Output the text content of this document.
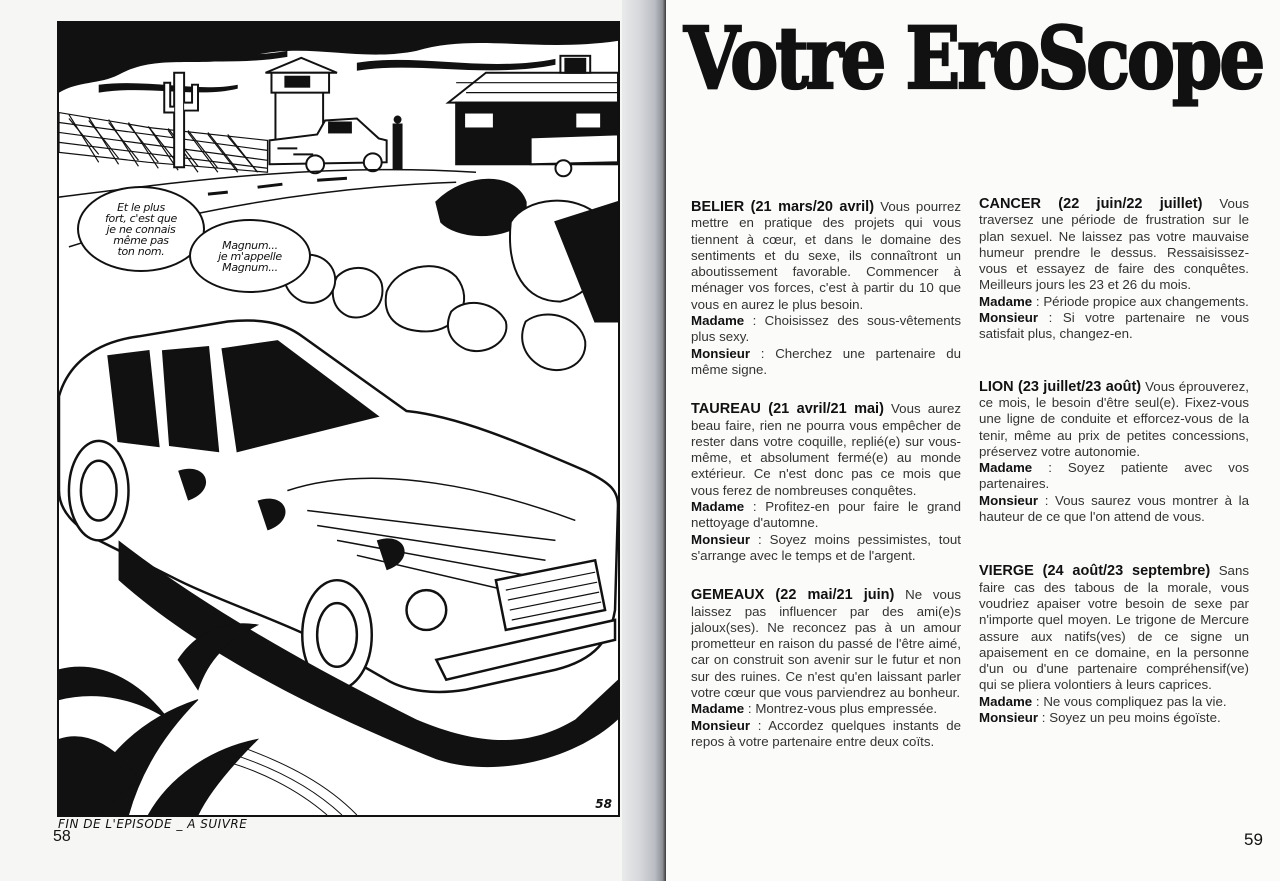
Et le plus
fort, c'est que
je ne connais
même pas
ton nom.	Magnum...
je m'appelle
Magnum...
58
FIN DE L'EPISODE _ A SUIVRE
58
Votre EroScope
BELIER (21 mars/20 avril) Vous pourrez mettre en pratique des projets qui vous tiennent à cœur, et dans le domaine des sentiments et du sexe, ils connaîtront un aboutissement favorable. Commencer à ménager vos forces, c'est à partir du 10 que vous en aurez le plus besoin.
Madame : Choisissez des sous-vêtements plus sexy.
Monsieur : Cherchez une partenaire du même signe.
TAUREAU (21 avril/21 mai) Vous aurez beau faire, rien ne pourra vous empêcher de rester dans votre coquille, replié(e) sur vous-même, et absolument fermé(e) au monde extérieur. Ce n'est donc pas ce mois que vous ferez de nombreuses conquêtes.
Madame : Profitez-en pour faire le grand nettoyage d'automne.
Monsieur : Soyez moins pessimistes, tout s'arrange avec le temps et de l'argent.
GEMEAUX (22 mai/21 juin) Ne vous laissez pas influencer par des ami(e)s jaloux(ses). Ne reconcez pas à un amour prometteur en raison du passé de l'être aimé, car on construit son avenir sur le futur et non sur des ruines. Ce n'est qu'en laissant parler votre cœur que vous parviendrez au bonheur.
Madame : Montrez-vous plus empressée.
Monsieur : Accordez quelques instants de repos à votre partenaire entre deux coïts.
CANCER (22 juin/22 juillet) Vous traversez une période de frustration sur le plan sexuel. Ne laissez pas votre mauvaise humeur prendre le dessus. Ressaisissez-vous et essayez de faire des conquêtes. Meilleurs jours les 23 et 26 du mois.
Madame : Période propice aux changements.
Monsieur : Si votre partenaire ne vous satisfait plus, changez-en.
LION (23 juillet/23 août) Vous éprouverez, ce mois, le besoin d'être seul(e). Fixez-vous une ligne de conduite et efforcez-vous de la tenir, même au prix de petites concessions, préservez votre autonomie.
Madame : Soyez patiente avec vos partenaires.
Monsieur : Vous saurez vous montrer à la hauteur de ce que l'on attend de vous.
VIERGE (24 août/23 septembre) Sans faire cas des tabous de la morale, vous voudriez apaiser votre besoin de sexe par n'importe quel moyen. Le trigone de Mercure assure aux natifs(ves) de ce signe un apaisement en ce domaine, en la personne d'un ou d'une partenaire compréhensif(ve) qui se pliera volontiers à leurs caprices.
Madame : Ne vous compliquez pas la vie.
Monsieur : Soyez un peu moins égoïste.
59
